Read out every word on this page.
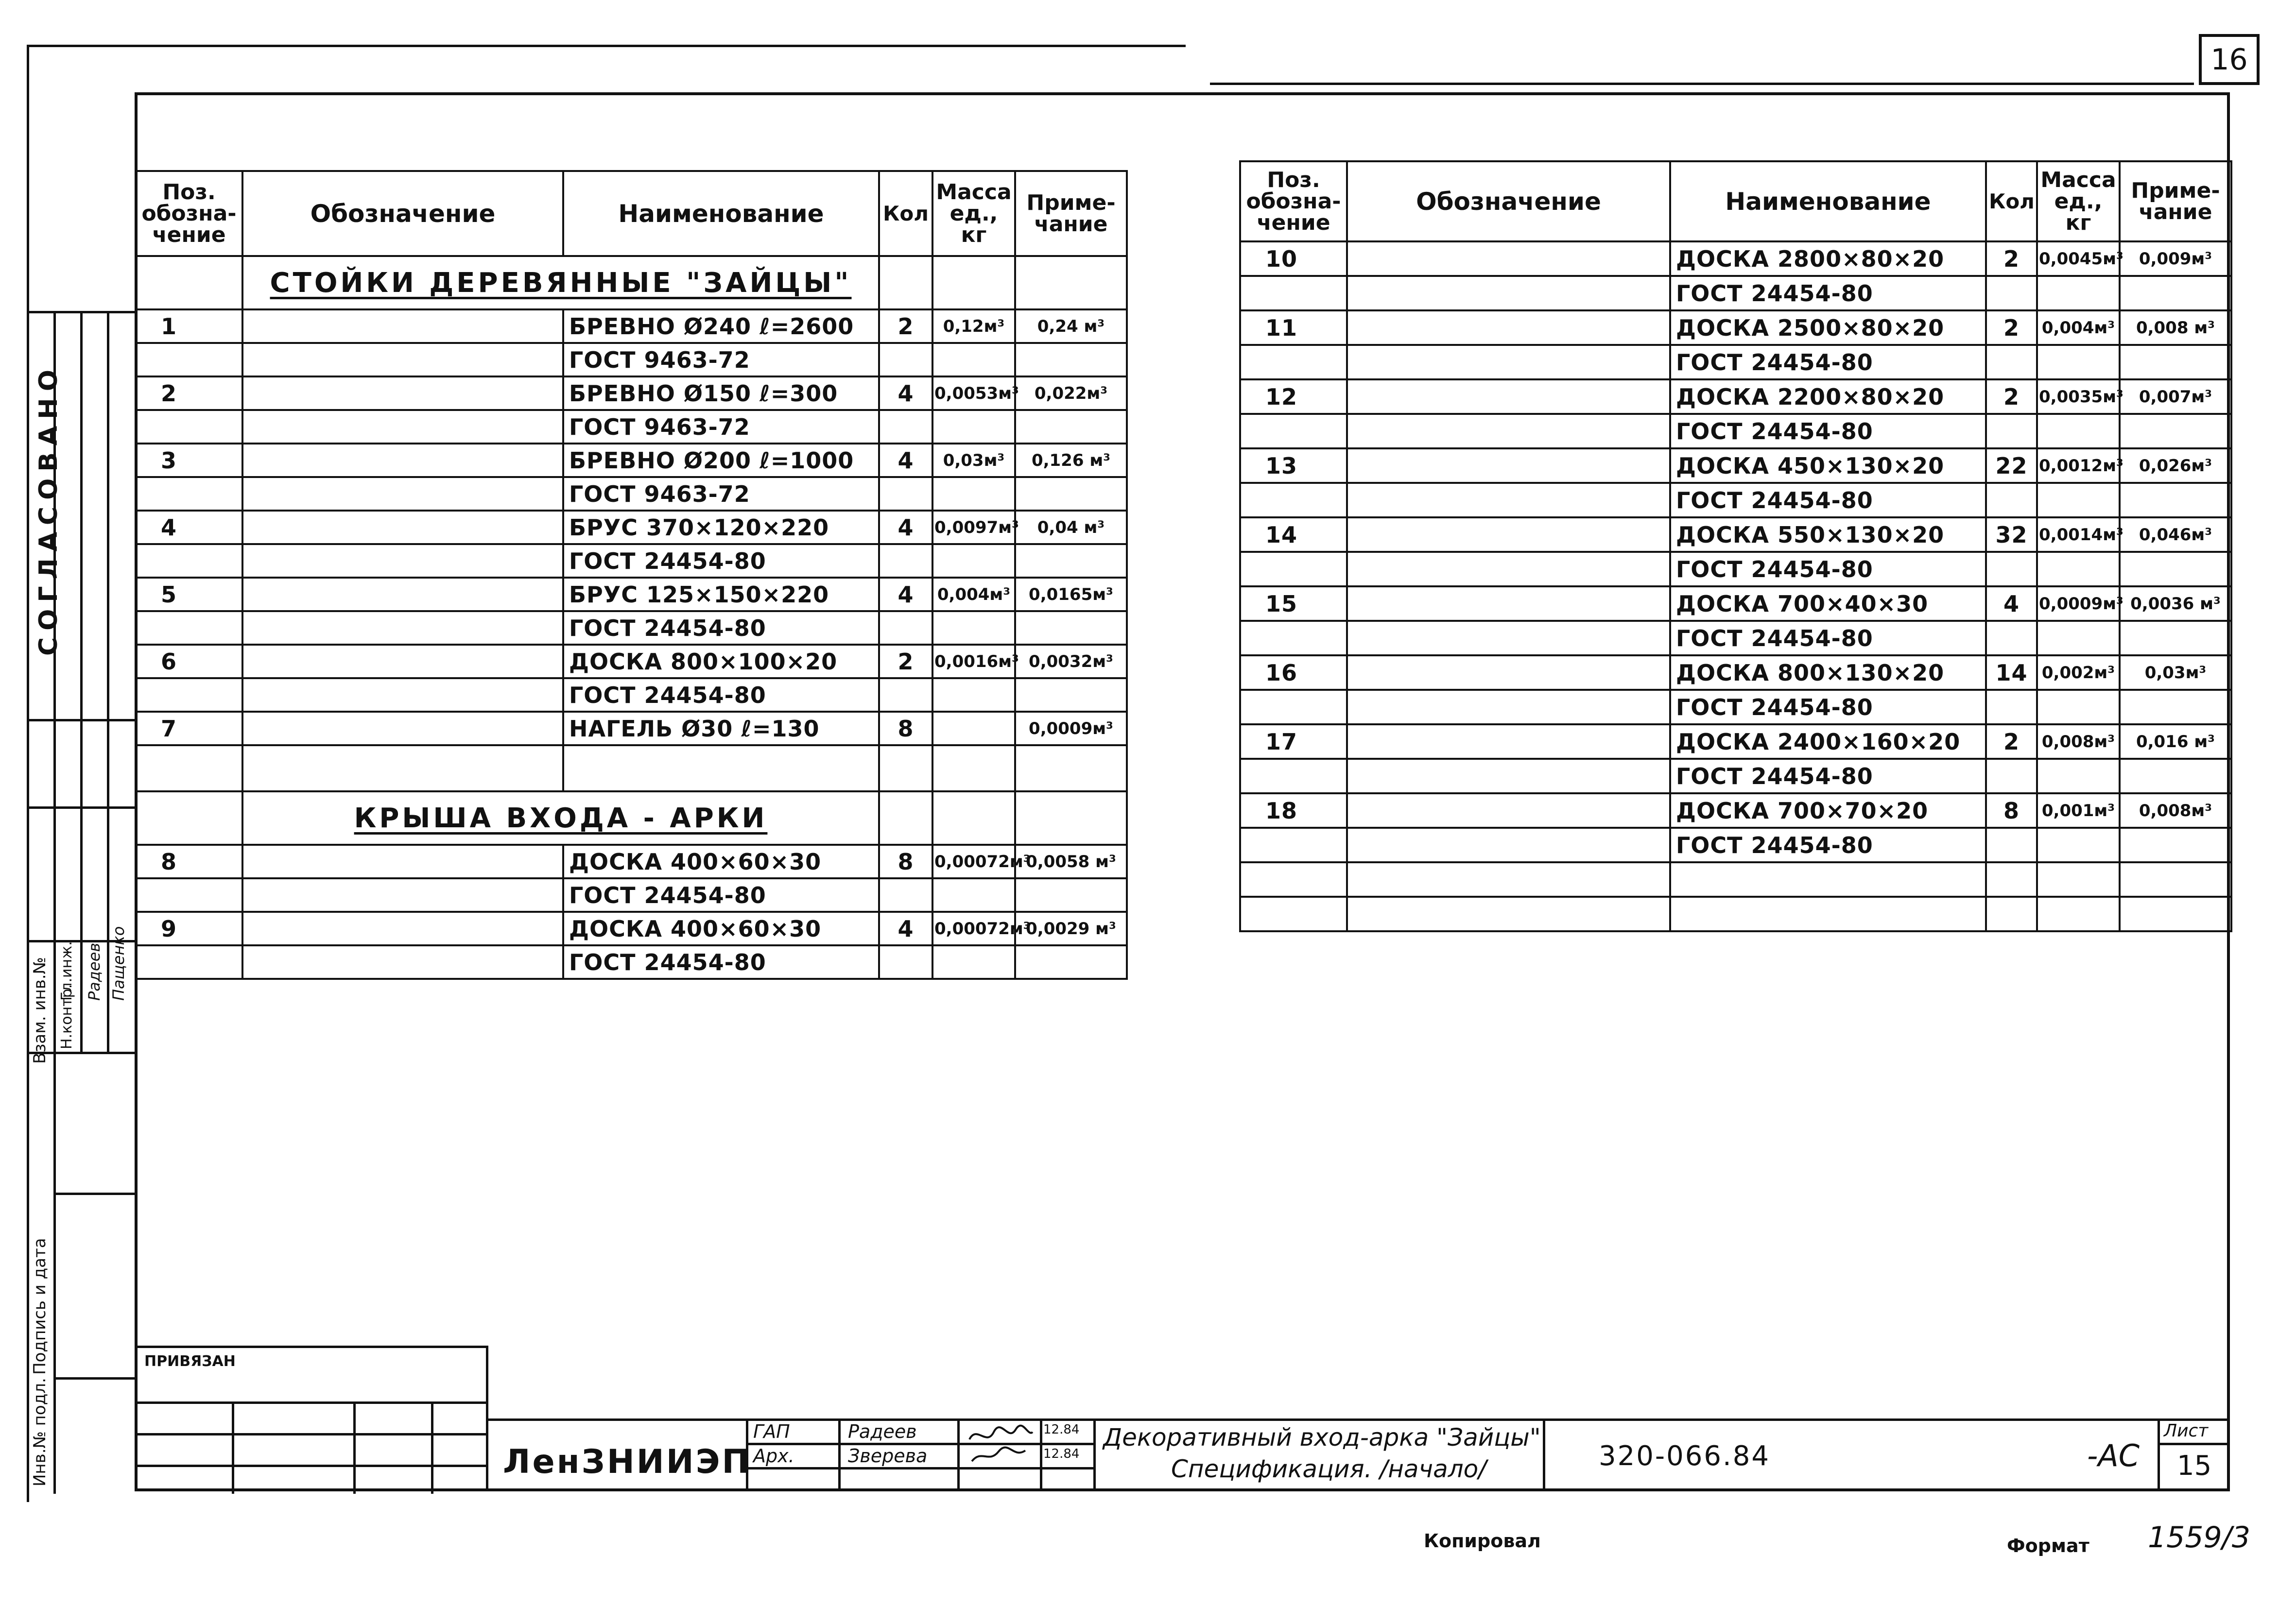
16
СОГЛАСОВАНО
Взам. инв.№
Подпись и дата
Инв.№ подл.
Н.контр.
Гл.инж. Радеев Пащенко
Поз. обозна- чение	Обозначение	Наименование	Кол	Масса ед., кг	Приме- чание
	СТОЙКИ ДЕРЕВЯННЫЕ "ЗАЙЦЫ"				
1		БРЕВНО Ø240 ℓ=2600	2	0,12м³	0,24 м³
		ГОСТ 9463-72			
2		БРЕВНО Ø150 ℓ=300	4	0,0053м³	0,022м³
		ГОСТ 9463-72			
3		БРЕВНО Ø200 ℓ=1000	4	0,03м³	0,126 м³
		ГОСТ 9463-72			
4		БРУС 370×120×220	4	0,0097м³	0,04 м³
		ГОСТ 24454-80			
5		БРУС 125×150×220	4	0,004м³	0,0165м³
		ГОСТ 24454-80			
6		ДОСКА 800×100×20	2	0,0016м³	0,0032м³
		ГОСТ 24454-80			
7		НАГЕЛЬ Ø30 ℓ=130	8		0,0009м³

	КРЫША ВХОДА - АРКИ				
8		ДОСКА 400×60×30	8	0,00072м³	0,0058 м³
		ГОСТ 24454-80			
9		ДОСКА 400×60×30	4	0,00072м³	0,0029 м³
		ГОСТ 24454-80			
Поз. обозна- чение	Обозначение	Наименование	Кол	Масса ед., кг	Приме- чание
10		ДОСКА 2800×80×20	2	0,0045м³	0,009м³
		ГОСТ 24454-80			
11		ДОСКА 2500×80×20	2	0,004м³	0,008 м³
		ГОСТ 24454-80			
12		ДОСКА 2200×80×20	2	0,0035м³	0,007м³
		ГОСТ 24454-80			
13		ДОСКА 450×130×20	22	0,0012м³	0,026м³
		ГОСТ 24454-80			
14		ДОСКА 550×130×20	32	0,0014м³	0,046м³
		ГОСТ 24454-80			
15		ДОСКА 700×40×30	4	0,0009м³	0,0036 м³
		ГОСТ 24454-80			
16		ДОСКА 800×130×20	14	0,002м³	0,03м³
		ГОСТ 24454-80			
17		ДОСКА 2400×160×20	2	0,008м³	0,016 м³
		ГОСТ 24454-80			
18		ДОСКА 700×70×20	8	0,001м³	0,008м³
		ГОСТ 24454-80			

ПРИВЯЗАН
ЛенЗНИИЭП
ГАП	Радеев	12.84
Арх.	Зверева	12.84
Декоративный вход-арка "Зайцы"
Спецификация. /начало/	320-066.84	-АС
Лист
15
Копировал	Формат 1559/3
